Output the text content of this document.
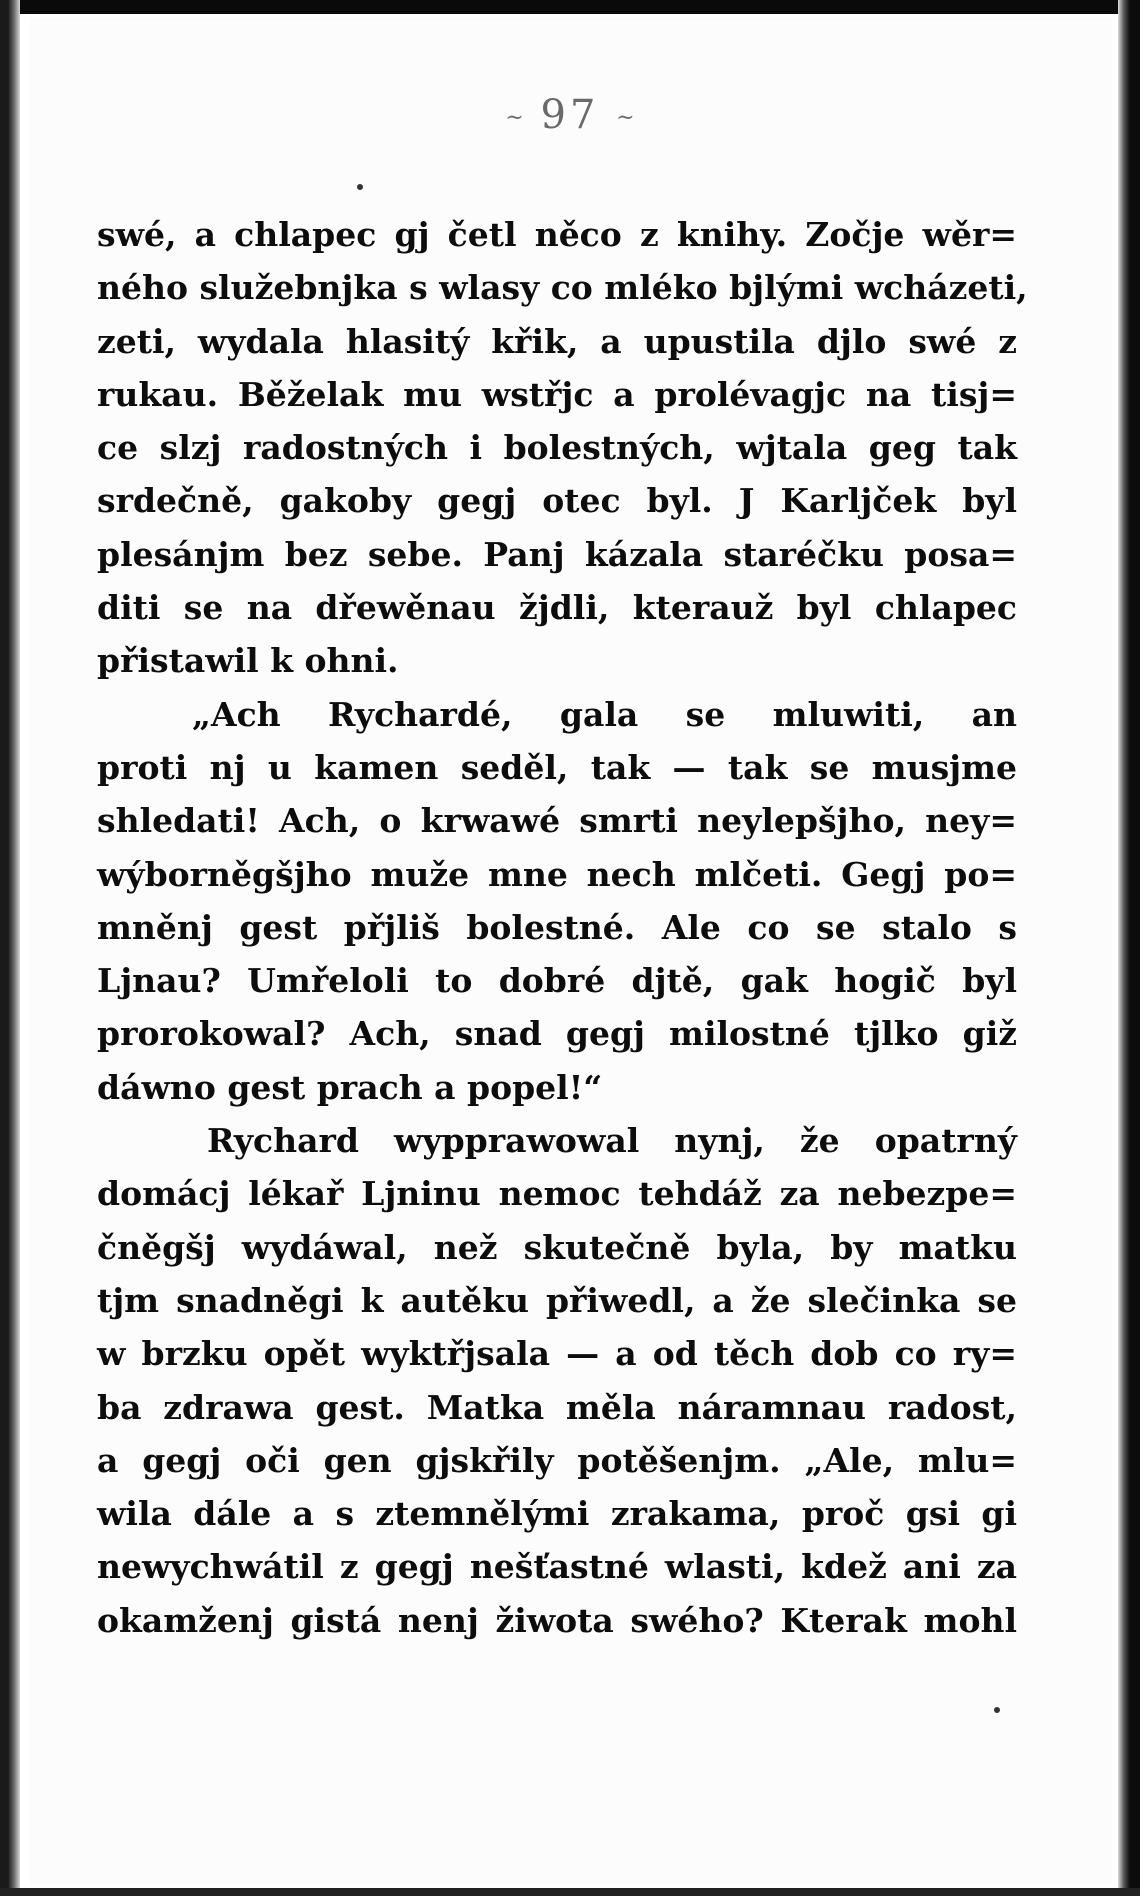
~ 97 ~
swé, a chlapec gj četl něco z knihy. Zočje wěr=
ného služebnjka s wlasy co mléko bjlými wcházeti,
zeti, wydala hlasitý křik, a upustila djlo swé z
rukau. Běželak mu wstřjc a prolévagjc na tisj=
ce slzj radostných i bolestných, wjtala geg tak
srdečně, gakoby gegj otec byl. J Karljček byl
plesánjm bez sebe. Panj kázala staréčku posa=
diti se na dřewěnau žjdli, kterauž byl chlapec
přistawil k ohni.
„Ach Rychardé, gala se mluwiti, an
proti nj u kamen seděl, tak — tak se musjme
shledati! Ach, o krwawé smrti neylepšjho, ney=
wýborněgšjho muže mne nech mlčeti. Gegj po=
mněnj gest přjliš bolestné. Ale co se stalo s
Ljnau? Umřeloli to dobré djtě, gak hogič byl
prorokowal? Ach, snad gegj milostné tjlko giž
dáwno gest prach a popel!“
Rychard wypprawowal nynj, že opatrný
domácj lékař Ljninu nemoc tehdáž za nebezpe=
čněgšj wydáwal, než skutečně byla, by matku
tjm snadněgi k autěku přiwedl, a že slečinka se
w brzku opět wyktřjsala — a od těch dob co ry=
ba zdrawa gest. Matka měla náramnau radost,
a gegj oči gen gjskřily potěšenjm. „Ale, mlu=
wila dále a s ztemnělými zrakama, proč gsi gi
newychwátil z gegj nešťastné wlasti, kdež ani za
okamženj gistá nenj žiwota swého? Kterak mohl
